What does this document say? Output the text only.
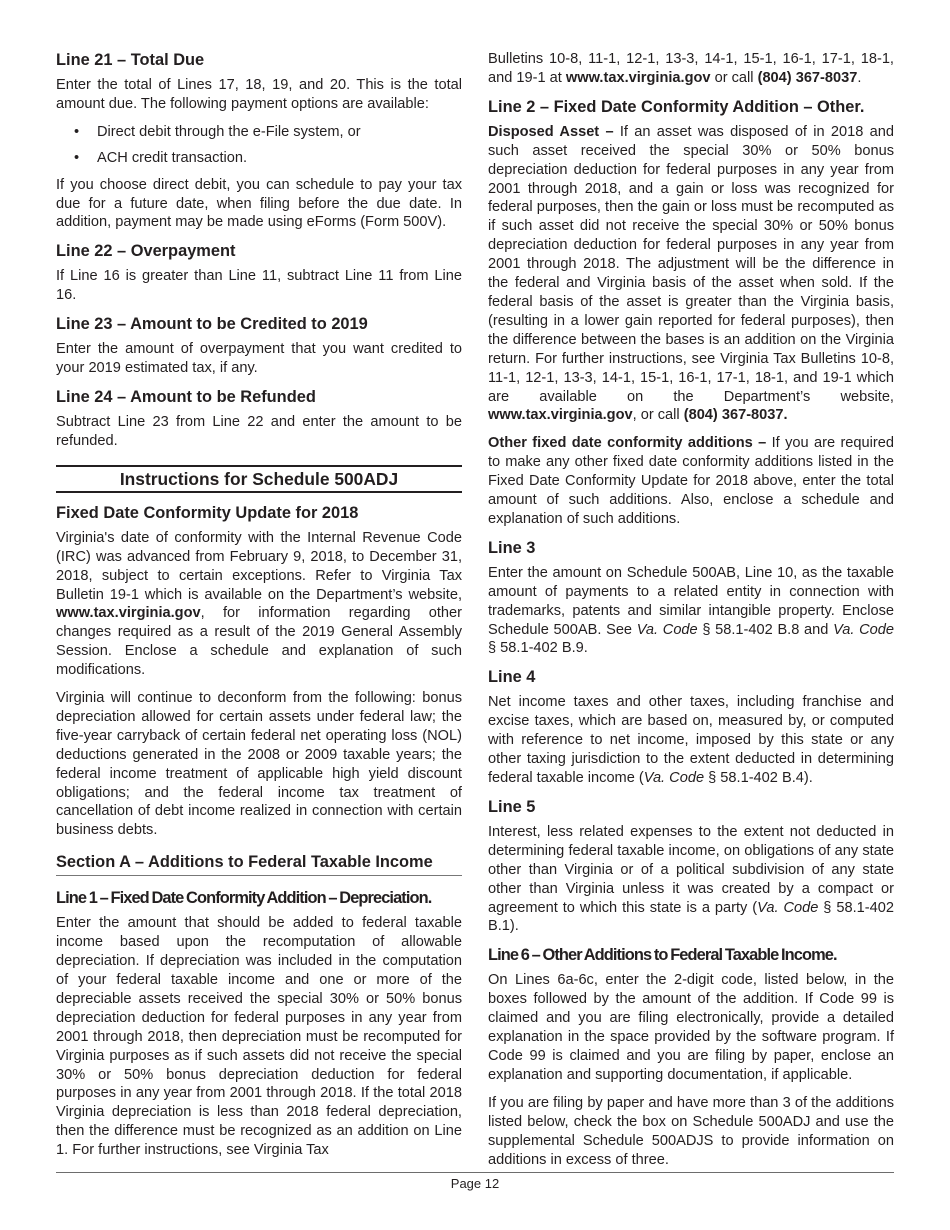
Line 21 – Total Due

Enter the total of Lines 17, 18, 19, and 20. This is the total amount due. The following payment options are available:

• Direct debit through the e-File system, or
• ACH credit transaction.

If you choose direct debit, you can schedule to pay your tax due for a future date, when filing before the due date. In addition, payment may be made using eForms (Form 500V).

Line 22 – Overpayment

If Line 16 is greater than Line 11, subtract Line 11 from Line 16.

Line 23 – Amount to be Credited to 2019

Enter the amount of overpayment that you want credited to your 2019 estimated tax, if any.

Line 24 – Amount to be Refunded

Subtract Line 23 from Line 22 and enter the amount to be refunded.

Instructions for Schedule 500ADJ
Fixed Date Conformity Update for 2018

Virginia's date of conformity with the Internal Revenue Code (IRC) was advanced from February 9, 2018, to December 31, 2018, subject to certain exceptions. Refer to Virginia Tax Bulletin 19-1 which is available on the Department’s website, www.tax.virginia.gov, for information regarding other changes required as a result of the 2019 General Assembly Session. Enclose a schedule and explanation of such modifications.

Virginia will continue to deconform from the following: bonus depreciation allowed for certain assets under federal law; the five-year carryback of certain federal net operating loss (NOL) deductions generated in the 2008 or 2009 taxable years; the federal income treatment of applicable high yield discount obligations; and the federal income tax treatment of cancellation of debt income realized in connection with certain business debts.

Section A – Additions to Federal Taxable Income
Line 1 – Fixed Date Conformity Addition – Depreciation.

Enter the amount that should be added to federal taxable income based upon the recomputation of allowable depreciation. If depreciation was included in the computation of your federal taxable income and one or more of the depreciable assets received the special 30% or 50% bonus depreciation deduction for federal purposes in any year from 2001 through 2018, then depreciation must be recomputed for Virginia purposes as if such assets did not receive the special 30% or 50% bonus depreciation deduction for federal purposes in any year from 2001 through 2018. If the total 2018 Virginia depreciation is less than 2018 federal depreciation, then the difference must be recognized as an addition on Line 1. For further instructions, see Virginia Tax

Bulletins 10-8, 11-1, 12-1, 13-3, 14-1, 15-1, 16-1, 17-1, 18-1, and 19-1 at www.tax.virginia.gov or call (804) 367-8037.

Line 2 – Fixed Date Conformity Addition – Other.

Disposed Asset – If an asset was disposed of in 2018 and such asset received the special 30% or 50% bonus depreciation deduction for federal purposes in any year from 2001 through 2018, and a gain or loss was recognized for federal purposes, then the gain or loss must be recomputed as if such asset did not receive the special 30% or 50% bonus depreciation deduction for federal purposes in any year from 2001 through 2018. The adjustment will be the difference in the federal and Virginia basis of the asset when sold. If the federal basis of the asset is greater than the Virginia basis, (resulting in a lower gain reported for federal purposes), then the difference between the bases is an addition on the Virginia return. For further instructions, see Virginia Tax Bulletins 10-8, 11-1, 12-1, 13-3, 14-1, 15-1, 16-1, 17-1, 18-1, and 19-1 which are available on the Department’s website, www.tax.virginia.gov, or call (804) 367-8037.

Other fixed date conformity additions – If you are required to make any other fixed date conformity additions listed in the Fixed Date Conformity Update for 2018 above, enter the total amount of such additions. Also, enclose a schedule and explanation of such additions.

Line 3

Enter the amount on Schedule 500AB, Line 10, as the taxable amount of payments to a related entity in connection with trademarks, patents and similar intangible property. Enclose Schedule 500AB. See Va. Code § 58.1-402 B.8 and Va. Code § 58.1-402 B.9.

Line 4

Net income taxes and other taxes, including franchise and excise taxes, which are based on, measured by, or computed with reference to net income, imposed by this state or any other taxing jurisdiction to the extent deducted in determining federal taxable income (Va. Code § 58.1-402 B.4).

Line 5

Interest, less related expenses to the extent not deducted in determining federal taxable income, on obligations of any state other than Virginia or of a political subdivision of any state other than Virginia unless it was created by a compact or agreement to which this state is a party (Va. Code § 58.1-402 B.1).

Line 6 – Other Additions to Federal Taxable Income.

On Lines 6a-6c, enter the 2-digit code, listed below, in the boxes followed by the amount of the addition. If Code 99 is claimed and you are filing electronically, provide a detailed explanation in the space provided by the software program. If Code 99 is claimed and you are filing by paper, enclose an explanation and supporting documentation, if applicable.

If you are filing by paper and have more than 3 of the additions listed below, check the box on Schedule 500ADJ and use the supplemental Schedule 500ADJS to provide information on additions in excess of three.

Page 12
